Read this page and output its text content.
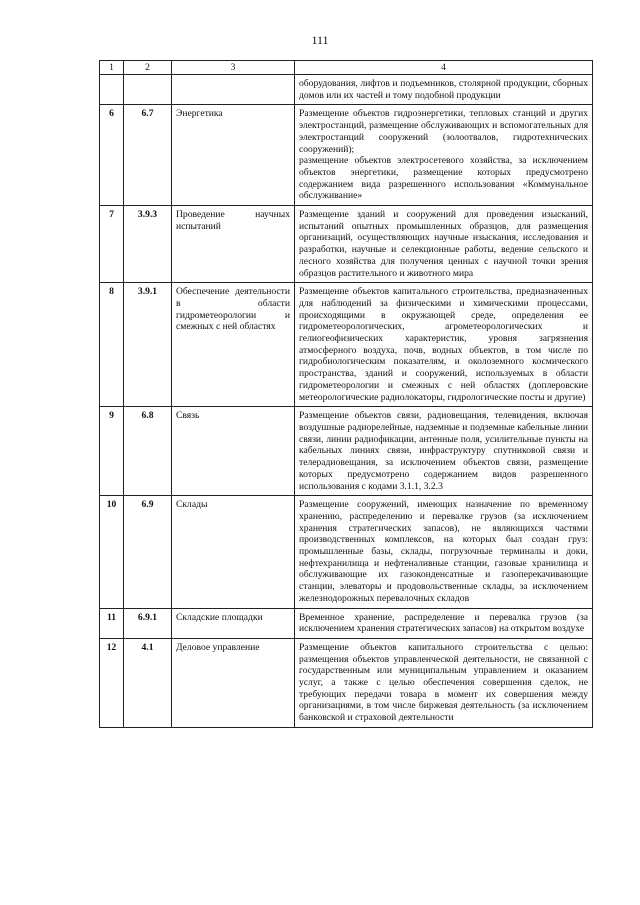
111
1	2	3	4

			оборудования, лифтов и подъемников, столярной продукции, сборных домов или их частей и тому подобной продукции

6	6.7	Энергетика	Размещение объектов гидроэнергетики, тепловых станций и других электростанций, размещение обслуживающих и вспомогательных для электростанций сооружений (золоотвалов, гидротехнических сооружений);
размещение объектов электросетевого хозяйства, за исключением объектов энергетики, размещение которых предусмотрено содержанием вида разрешенного использования «Коммунальное обслуживание»

7	3.9.3	Проведение научных испытаний	Размещение зданий и сооружений для проведения изысканий, испытаний опытных промышленных образцов, для размещения организаций, осуществляющих научные изыскания, исследования и разработки, научные и селекционные работы, ведение сельского и лесного хозяйства для получения ценных с научной точки зрения образцов растительного и животного мира

8	3.9.1	Обеспечение деятельности в области гидрометеорологии и смежных с ней областях	Размещение объектов капитального строительства, предназначенных для наблюдений за физическими и химическими процессами, происходящими в окружающей среде, определения ее гидрометеорологических, агрометеорологических и гелиогеофизических характеристик, уровня загрязнения атмосферного воздуха, почв, водных объектов, в том числе по гидробиологическим показателям, и околоземного космического пространства, зданий и сооружений, используемых в области гидрометеорологии и смежных с ней областях (доплеровские метеорологические радиолокаторы, гидрологические посты и другие)

9	6.8	Связь	Размещение объектов связи, радиовещания, телевидения, включая воздушные радиорелейные, надземные и подземные кабельные линии связи, линии радиофикации, антенные поля, усилительные пункты на кабельных линиях связи, инфраструктуру спутниковой связи и телерадиовещания, за исключением объектов связи, размещение которых предусмотрено содержанием видов разрешенного использования с кодами 3.1.1, 3.2.3

10	6.9	Склады	Размещение сооружений, имеющих назначение по временному хранению, распределению и перевалке грузов (за исключением хранения стратегических запасов), не являющихся частями производственных комплексов, на которых был создан груз: промышленные базы, склады, погрузочные терминалы и доки, нефтехранилища и нефтеналивные станции, газовые хранилища и обслуживающие их газоконденсатные и газоперекачивающие станции, элеваторы и продовольственные склады, за исключением железнодорожных перевалочных складов

11	6.9.1	Складские площадки	Временное хранение, распределение и перевалка грузов (за исключением хранения стратегических запасов) на открытом воздухе

12	4.1	Деловое управление	Размещение объектов капитального строительства с целью: размещения объектов управленческой деятельности, не связанной с государственным или муниципальным управлением и оказанием услуг, а также с целью обеспечения совершения сделок, не требующих передачи товара в момент их совершения между организациями, в том числе биржевая деятельность (за исключением банковской и страховой деятельности
